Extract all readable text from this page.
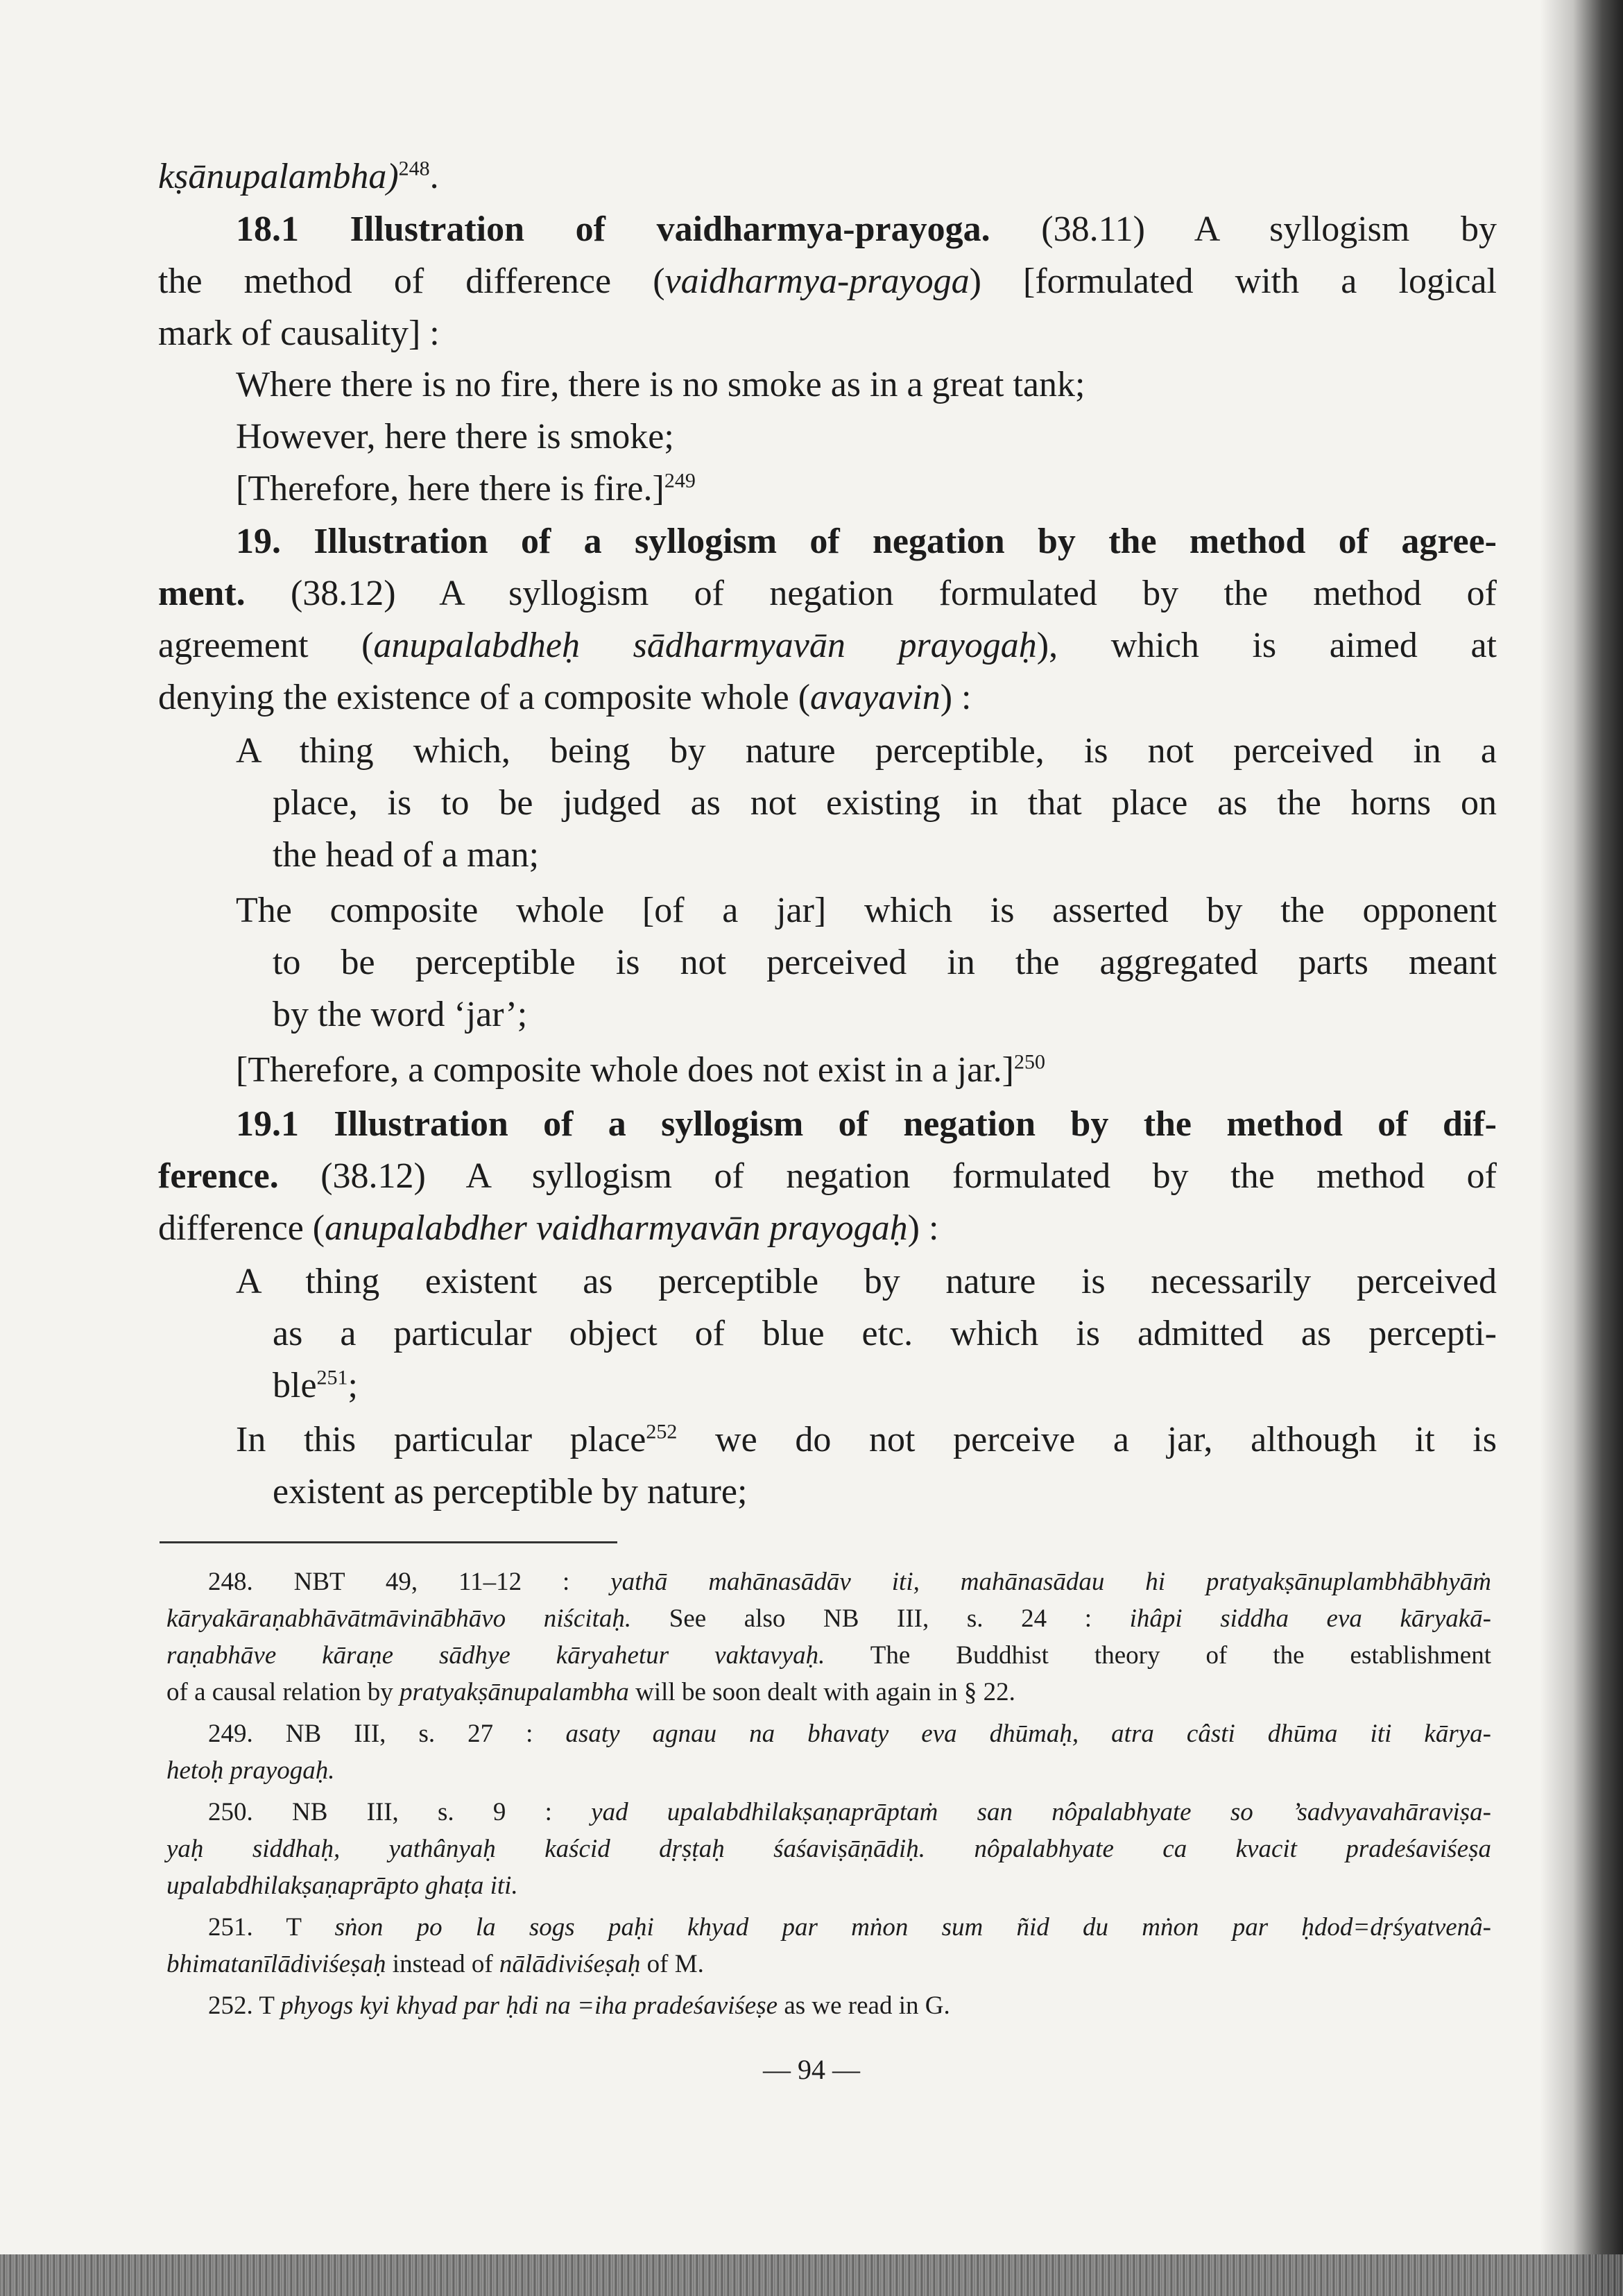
kṣānupalambha)$^{248}$.
18.1 Illustration of vaidharmya-prayoga. (38.11) A syllogism by
the method of difference (vaidharmya-prayoga) [formulated with a logical
mark of causality] :
Where there is no fire, there is no smoke as in a great tank;
However, here there is smoke;
[Therefore, here there is fire.]$^{249}$
19. Illustration of a syllogism of negation by the method of agree-
ment. (38.12) A syllogism of negation formulated by the method of
agreement (anupalabdheḥ sādharmyavān prayogaḥ), which is aimed at
denying the existence of a composite whole (avayavin) :
A thing which, being by nature perceptible, is not perceived in a
place, is to be judged as not existing in that place as the horns on
the head of a man;
The composite whole [of a jar] which is asserted by the opponent
to be perceptible is not perceived in the aggregated parts meant
by the word ‘jar’;
[Therefore, a composite whole does not exist in a jar.]$^{250}$
19.1 Illustration of a syllogism of negation by the method of dif-
ference. (38.12) A syllogism of negation formulated by the method of
difference (anupalabdher vaidharmyavān prayogaḥ) :
A thing existent as perceptible by nature is necessarily perceived
as a particular object of blue etc. which is admitted as percepti-
ble$^{251}$;
In this particular place$^{252}$ we do not perceive a jar, although it is
existent as perceptible by nature;
248. NBT 49, 11–12 : yathā mahānasādāv iti, mahānasādau hi pratyakṣānuplambhābhyāṁ
kāryakāraṇabhāvātmāvinābhāvo niścitaḥ. See also NB III, s. 24 : ihâpi siddha eva kāryakā-
raṇabhāve kāraṇe sādhye kāryahetur vaktavyaḥ. The Buddhist theory of the establishment
of a causal relation by pratyakṣānupalambha will be soon dealt with again in § 22.
249. NB III, s. 27 : asaty agnau na bhavaty eva dhūmaḥ, atra câsti dhūma iti kārya-
hetoḥ prayogaḥ.
250. NB III, s. 9 : yad upalabdhilakṣaṇaprāptaṁ san nôpalabhyate so ’sadvyavahāraviṣa-
yaḥ siddhaḥ, yathânyaḥ kaścid dṛṣṭaḥ śaśaviṣāṇādiḥ. nôpalabhyate ca kvacit pradeśaviśeṣa
upalabdhilakṣaṇaprāpto ghaṭa iti.
251. T sṅon po la sogs paḥi khyad par mṅon sum ñid du mṅon par ḥdod=dṛśyatvenâ-
bhimatanīlādiviśeṣaḥ instead of nālādiviśeṣaḥ of M.
252. T phyogs kyi khyad par ḥdi na =iha pradeśaviśeṣe as we read in G.
— 94 —
